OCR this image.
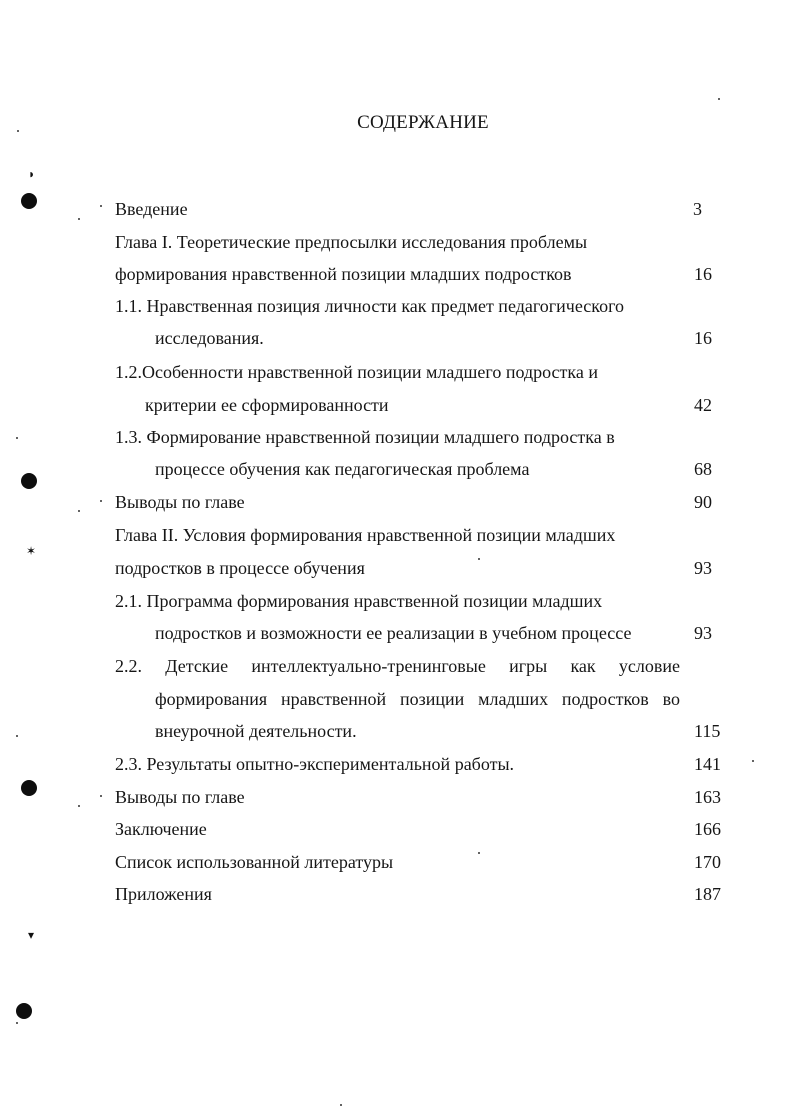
СОДЕРЖАНИЕ
Введение	3
Глава I. Теоретические предпосылки исследования проблемы
формирования нравственной позиции младших подростков	16
1.1. Нравственная позиция личности как предмет педагогического
исследования.	16
1.2.Особенности нравственной позиции младшего подростка и
критерии ее сформированности	42
1.3. Формирование нравственной позиции младшего подростка в
процессе обучения как педагогическая проблема	68
Выводы по главе	90
Глава II. Условия формирования нравственной позиции младших
подростков в процессе обучения	93
2.1. Программа формирования нравственной позиции младших
подростков и возможности ее реализации в учебном процессе	93
2.2. Детские интеллектуально-тренинговые игры как условие
формирования нравственной позиции младших подростков во
внеурочной деятельности.	115
2.3. Результаты опытно-экспериментальной работы.	141
Выводы по главе	163
Заключение	166
Список использованной литературы	170
Приложения	187
◗
✶
▾
